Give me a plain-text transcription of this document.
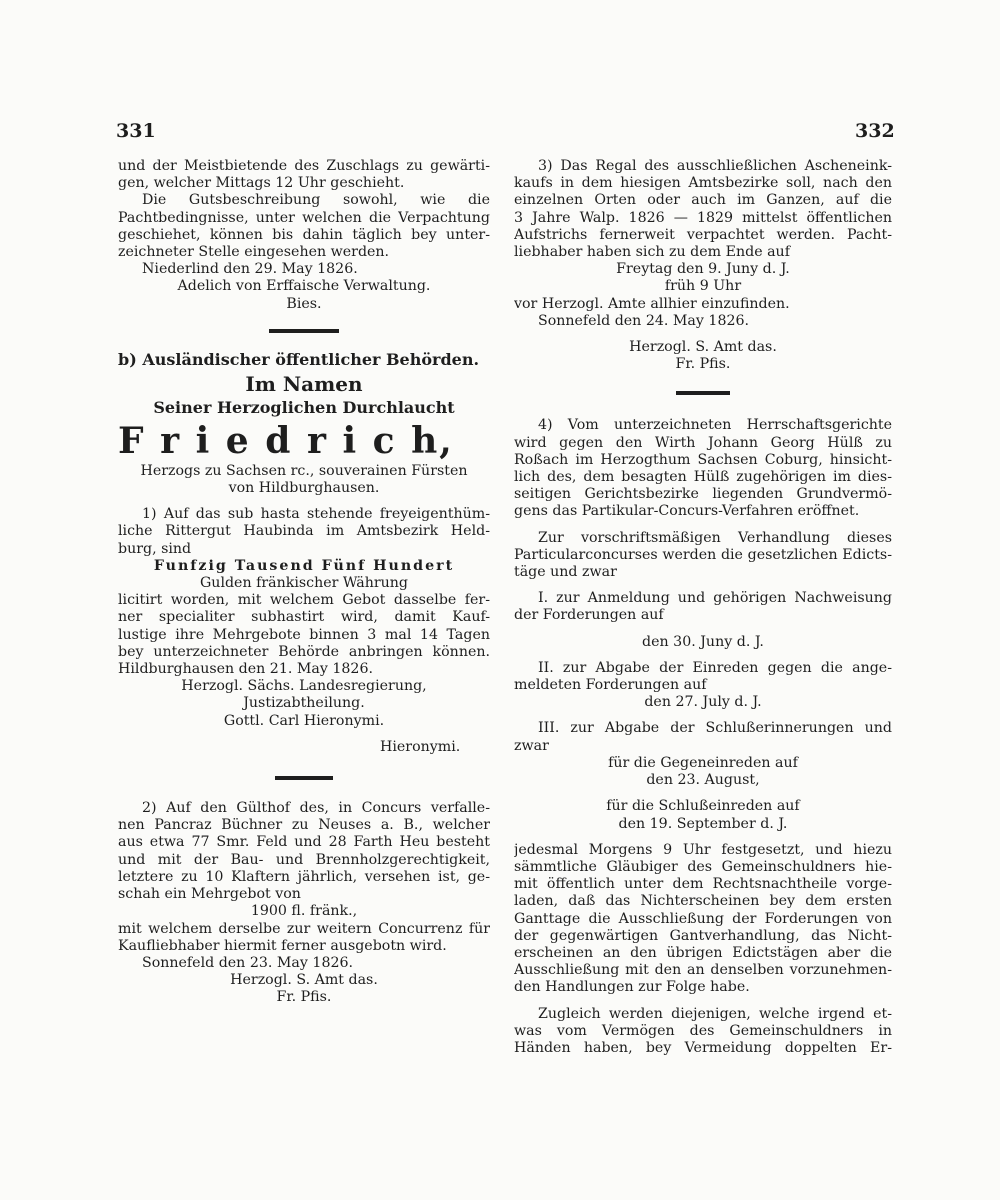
331	332
und der Meistbietende des Zuschlags zu gewärti-
gen, welcher Mittags 12 Uhr geschieht.
Die Gutsbeschreibung sowohl, wie die
Pachtbedingnisse, unter welchen die Verpachtung
geschiehet, können bis dahin täglich bey unter-
zeichneter Stelle eingesehen werden.
Niederlind den 29. May 1826.
Adelich von Erffaische Verwaltung.
Bies.
b) Ausländischer öffentlicher Behörden.
Im Namen
Seiner Herzoglichen Durchlaucht
F r i e d r i c h,
Herzogs zu Sachsen rc., souverainen Fürsten
von Hildburghausen.
1) Auf das sub hasta stehende freyeigenthüm-
liche Rittergut Haubinda im Amtsbezirk Held-
burg, sind
Funfzig Tausend Fünf Hundert
Gulden fränkischer Währung
licitirt worden, mit welchem Gebot dasselbe fer-
ner specialiter subhastirt wird, damit Kauf-
lustige ihre Mehrgebote binnen 3 mal 14 Tagen
bey unterzeichneter Behörde anbringen können.
Hildburghausen den 21. May 1826.
Herzogl. Sächs. Landesregierung,
Justizabtheilung.
Gottl. Carl Hieronymi.
Hieronymi.
2) Auf den Gülthof des, in Concurs verfalle-
nen Pancraz Büchner zu Neuses a. B., welcher
aus etwa 77 Smr. Feld und 28 Farth Heu besteht
und mit der Bau- und Brennholzgerechtigkeit,
letztere zu 10 Klaftern jährlich, versehen ist, ge-
schah ein Mehrgebot von
1900 fl. fränk.,
mit welchem derselbe zur weitern Concurrenz für
Kaufliebhaber hiermit ferner ausgebotn wird.
Sonnefeld den 23. May 1826.
Herzogl. S. Amt das.
Fr. Pfis.
3) Das Regal des ausschließlichen Ascheneink-
kaufs in dem hiesigen Amtsbezirke soll, nach den
einzelnen Orten oder auch im Ganzen, auf die
3 Jahre Walp. 1826 — 1829 mittelst öffentlichen
Aufstrichs fernerweit verpachtet werden. Pacht-
liebhaber haben sich zu dem Ende auf
Freytag den 9. Juny d. J.
früh 9 Uhr
vor Herzogl. Amte allhier einzufinden.
Sonnefeld den 24. May 1826.
Herzogl. S. Amt das.
Fr. Pfis.
4) Vom unterzeichneten Herrschaftsgerichte
wird gegen den Wirth Johann Georg Hülß zu
Roßach im Herzogthum Sachsen Coburg, hinsicht-
lich des, dem besagten Hülß zugehörigen im dies-
seitigen Gerichtsbezirke liegenden Grundvermö-
gens das Partikular-Concurs-Verfahren eröffnet.
Zur vorschriftsmäßigen Verhandlung dieses
Particularconcurses werden die gesetzlichen Edicts-
täge und zwar
I. zur Anmeldung und gehörigen Nachweisung
der Forderungen auf
den 30. Juny d. J.
II. zur Abgabe der Einreden gegen die ange-
meldeten Forderungen auf
den 27. July d. J.
III. zur Abgabe der Schlußerinnerungen und
zwar
für die Gegeneinreden auf
den 23. August,
für die Schlußeinreden auf
den 19. September d. J.
jedesmal Morgens 9 Uhr festgesetzt, und hiezu
sämmtliche Gläubiger des Gemeinschuldners hie-
mit öffentlich unter dem Rechtsnachtheile vorge-
laden, daß das Nichterscheinen bey dem ersten
Ganttage die Ausschließung der Forderungen von
der gegenwärtigen Gantverhandlung, das Nicht-
erscheinen an den übrigen Edictstägen aber die
Ausschließung mit den an denselben vorzunehmen-
den Handlungen zur Folge habe.
Zugleich werden diejenigen, welche irgend et-
was vom Vermögen des Gemeinschuldners in
Händen haben, bey Vermeidung doppelten Er-
